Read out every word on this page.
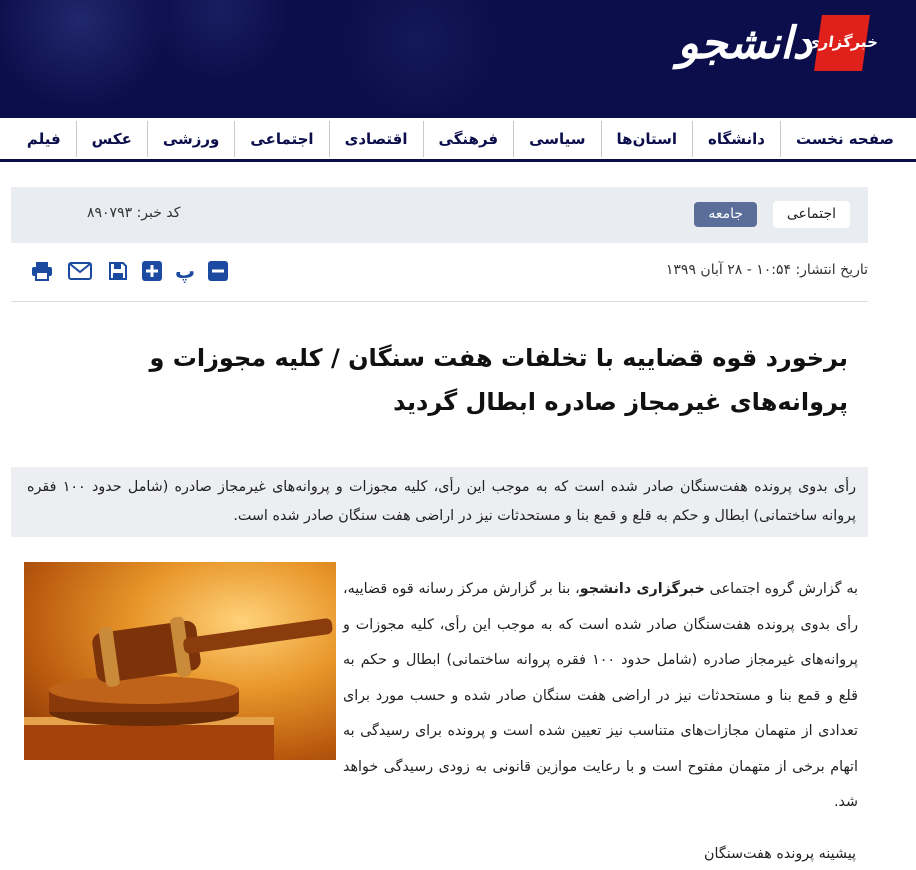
خبرگزاری
دانشجو
صفحه نخست
دانشگاه
استان‌ها
سیاسی
فرهنگی
اقتصادی
اجتماعی
ورزشی
عکس
فیلم
اجتماعی
جامعه
کد خبر: ۸۹۰۷۹۳
تاریخ انتشار: ۱۰:۵۴ - ۲۸ آبان ۱۳۹۹
پ
برخورد قوه قضاییه با تخلفات هفت سنگان / کلیه مجوزات و پروانه‌های غیرمجاز صادره ابطال گردید
رأی بدوی پرونده هفت‌سنگان صادر شده است که به موجب این رأی، کلیه مجوزات و پروانه‌های غیرمجاز صادره (شامل حدود ۱۰۰ فقره پروانه ساختمانی) ابطال و حکم به قلع و قمع بنا و مستحدثات نیز در اراضی هفت سنگان صادر شده است.
به گزارش گروه اجتماعی خبرگزاری دانشجو، بنا بر گزارش مرکز رسانه قوه قضاییه، رأی بدوی پرونده هفت‌سنگان صادر شده است که به موجب این رأی، کلیه مجوزات و پروانه‌های غیرمجاز صادره (شامل حدود ۱۰۰ فقره پروانه ساختمانی) ابطال و حکم به قلع و قمع بنا و مستحدثات نیز در اراضی هفت سنگان صادر شده و حسب مورد برای تعدادی از متهمان مجازات‌های متناسب نیز تعیین شده است و پرونده برای رسیدگی به اتهام برخی از متهمان مفتوح است و با رعایت موازین قانونی به زودی رسیدگی خواهد شد.
پیشینه پرونده هفت‌سنگان
